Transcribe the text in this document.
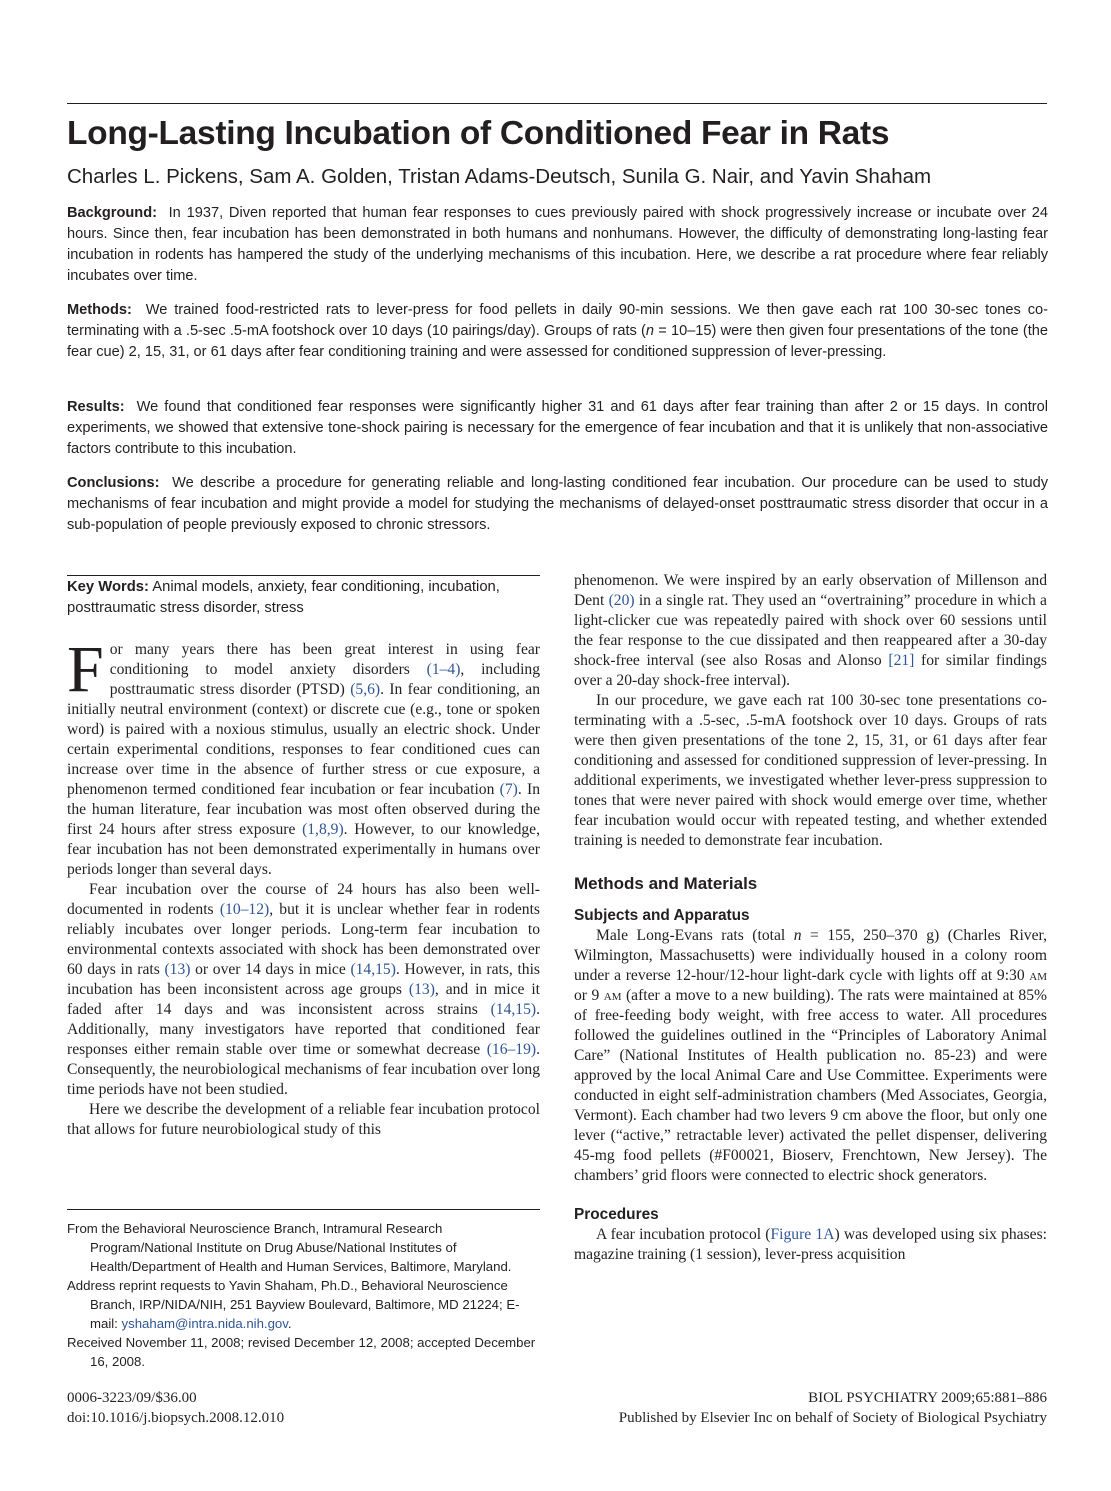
Long-Lasting Incubation of Conditioned Fear in Rats
Charles L. Pickens, Sam A. Golden, Tristan Adams-Deutsch, Sunila G. Nair, and Yavin Shaham

Background: In 1937, Diven reported that human fear responses to cues previously paired with shock progressively increase or incubate over 24 hours. Since then, fear incubation has been demonstrated in both humans and nonhumans. However, the difficulty of demonstrating long-lasting fear incubation in rodents has hampered the study of the underlying mechanisms of this incubation. Here, we describe a rat procedure where fear reliably incubates over time.

Methods: We trained food-restricted rats to lever-press for food pellets in daily 90-min sessions. We then gave each rat 100 30-sec tones co-terminating with a .5-sec .5-mA footshock over 10 days (10 pairings/day). Groups of rats (n = 10–15) were then given four presentations of the tone (the fear cue) 2, 15, 31, or 61 days after fear conditioning training and were assessed for conditioned suppression of lever-pressing.

Results: We found that conditioned fear responses were significantly higher 31 and 61 days after fear training than after 2 or 15 days. In control experiments, we showed that extensive tone-shock pairing is necessary for the emergence of fear incubation and that it is unlikely that non-associative factors contribute to this incubation.

Conclusions: We describe a procedure for generating reliable and long-lasting conditioned fear incubation. Our procedure can be used to study mechanisms of fear incubation and might provide a model for studying the mechanisms of delayed-onset posttraumatic stress disorder that occur in a sub-population of people previously exposed to chronic stressors.

Key Words: Animal models, anxiety, fear conditioning, incubation, posttraumatic stress disorder, stress

For many years there has been great interest in using fear conditioning to model anxiety disorders (1–4), including posttraumatic stress disorder (PTSD) (5,6). In fear conditioning, an initially neutral environment (context) or discrete cue (e.g., tone or spoken word) is paired with a noxious stimulus, usually an electric shock. Under certain experimental conditions, responses to fear conditioned cues can increase over time in the absence of further stress or cue exposure, a phenomenon termed conditioned fear incubation or fear incubation (7). In the human literature, fear incubation was most often observed during the first 24 hours after stress exposure (1,8,9). However, to our knowledge, fear incubation has not been demonstrated experimentally in humans over periods longer than several days.

Fear incubation over the course of 24 hours has also been well-documented in rodents (10–12), but it is unclear whether fear in rodents reliably incubates over longer periods. Long-term fear incubation to environmental contexts associated with shock has been demonstrated over 60 days in rats (13) or over 14 days in mice (14,15). However, in rats, this incubation has been inconsistent across age groups (13), and in mice it faded after 14 days and was inconsistent across strains (14,15). Additionally, many investigators have reported that conditioned fear responses either remain stable over time or somewhat decrease (16–19). Consequently, the neurobiological mechanisms of fear incubation over long time periods have not been studied.

Here we describe the development of a reliable fear incubation protocol that allows for future neurobiological study of this

phenomenon. We were inspired by an early observation of Millenson and Dent (20) in a single rat. They used an “overtraining” procedure in which a light-clicker cue was repeatedly paired with shock over 60 sessions until the fear response to the cue dissipated and then reappeared after a 30-day shock-free interval (see also Rosas and Alonso [21] for similar findings over a 20-day shock-free interval).

In our procedure, we gave each rat 100 30-sec tone presentations co-terminating with a .5-sec, .5-mA footshock over 10 days. Groups of rats were then given presentations of the tone 2, 15, 31, or 61 days after fear conditioning and assessed for conditioned suppression of lever-pressing. In additional experiments, we investigated whether lever-press suppression to tones that were never paired with shock would emerge over time, whether fear incubation would occur with repeated testing, and whether extended training is needed to demonstrate fear incubation.

Methods and Materials
Subjects and Apparatus

Male Long-Evans rats (total n = 155, 250–370 g) (Charles River, Wilmington, Massachusetts) were individually housed in a colony room under a reverse 12-hour/12-hour light-dark cycle with lights off at 9:30 am or 9 am (after a move to a new building). The rats were maintained at 85% of free-feeding body weight, with free access to water. All procedures followed the guidelines outlined in the “Principles of Laboratory Animal Care” (National Institutes of Health publication no. 85-23) and were approved by the local Animal Care and Use Committee. Experiments were conducted in eight self-administration chambers (Med Associates, Georgia, Vermont). Each chamber had two levers 9 cm above the floor, but only one lever (“active,” retractable lever) activated the pellet dispenser, delivering 45-mg food pellets (#F00021, Bioserv, Frenchtown, New Jersey). The chambers’ grid floors were connected to electric shock generators.

Procedures

A fear incubation protocol (Figure 1A) was developed using six phases: magazine training (1 session), lever-press acquisition

From the Behavioral Neuroscience Branch, Intramural Research Program/National Institute on Drug Abuse/National Institutes of Health/Department of Health and Human Services, Baltimore, Maryland.

Address reprint requests to Yavin Shaham, Ph.D., Behavioral Neuroscience Branch, IRP/NIDA/NIH, 251 Bayview Boulevard, Baltimore, MD 21224; E-mail: yshaham@intra.nida.nih.gov.

Received November 11, 2008; revised December 12, 2008; accepted December 16, 2008.

0006-3223/09/$36.00
doi:10.1016/j.biopsych.2008.12.010
BIOL PSYCHIATRY 2009;65:881–886
Published by Elsevier Inc on behalf of Society of Biological Psychiatry
